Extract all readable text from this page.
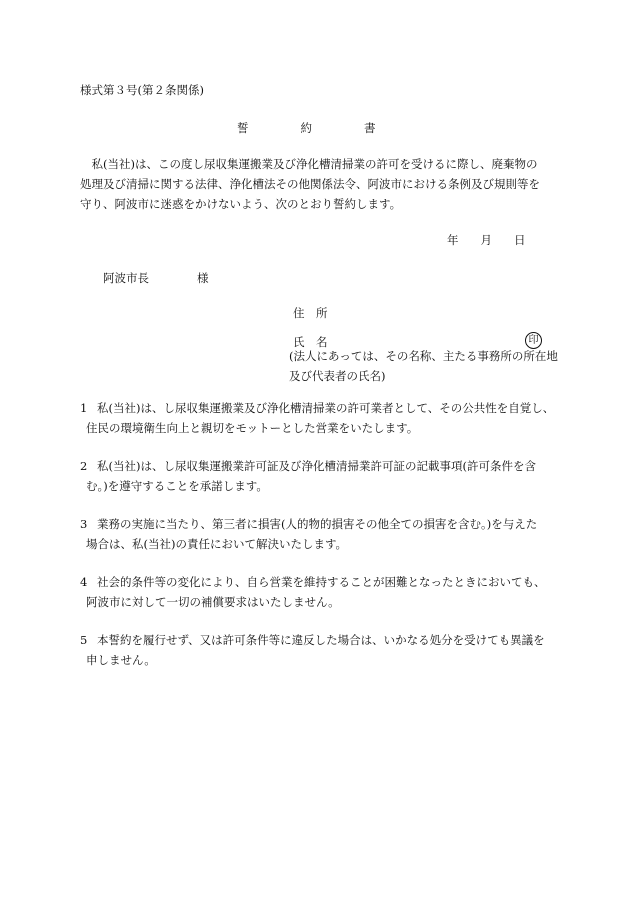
様式第３号(第２条関係)
誓	約	書

　私(当社)は、この度し尿収集運搬業及び浄化槽清掃業の許可を受けるに際し、廃棄物の

処理及び清掃に関する法律、浄化槽法その他関係法令、阿波市における条例及び規則等を

守り、阿波市に迷惑をかけないよう、次のとおり誓約します。

年 月 日
阿波市長	様
住　所
氏　名	印
(法人にあっては、その名称、主たる事務所の所在地及び代表者の氏名)
1 私(当社)は、し尿収集運搬業及び浄化槽清掃業の許可業者として、その公共性を自覚し、
住民の環境衛生向上と親切をモットーとした営業をいたします。
2 私(当社)は、し尿収集運搬業許可証及び浄化槽清掃業許可証の記載事項(許可条件を含
む。)を遵守することを承諾します。
3 業務の実施に当たり、第三者に損害(人的物的損害その他全ての損害を含む。)を与えた
場合は、私(当社)の責任において解決いたします。
4 社会的条件等の変化により、自ら営業を維持することが困難となったときにおいても、
阿波市に対して一切の補償要求はいたしません。
5 本誓約を履行せず、又は許可条件等に違反した場合は、いかなる処分を受けても異議を
申しません。
